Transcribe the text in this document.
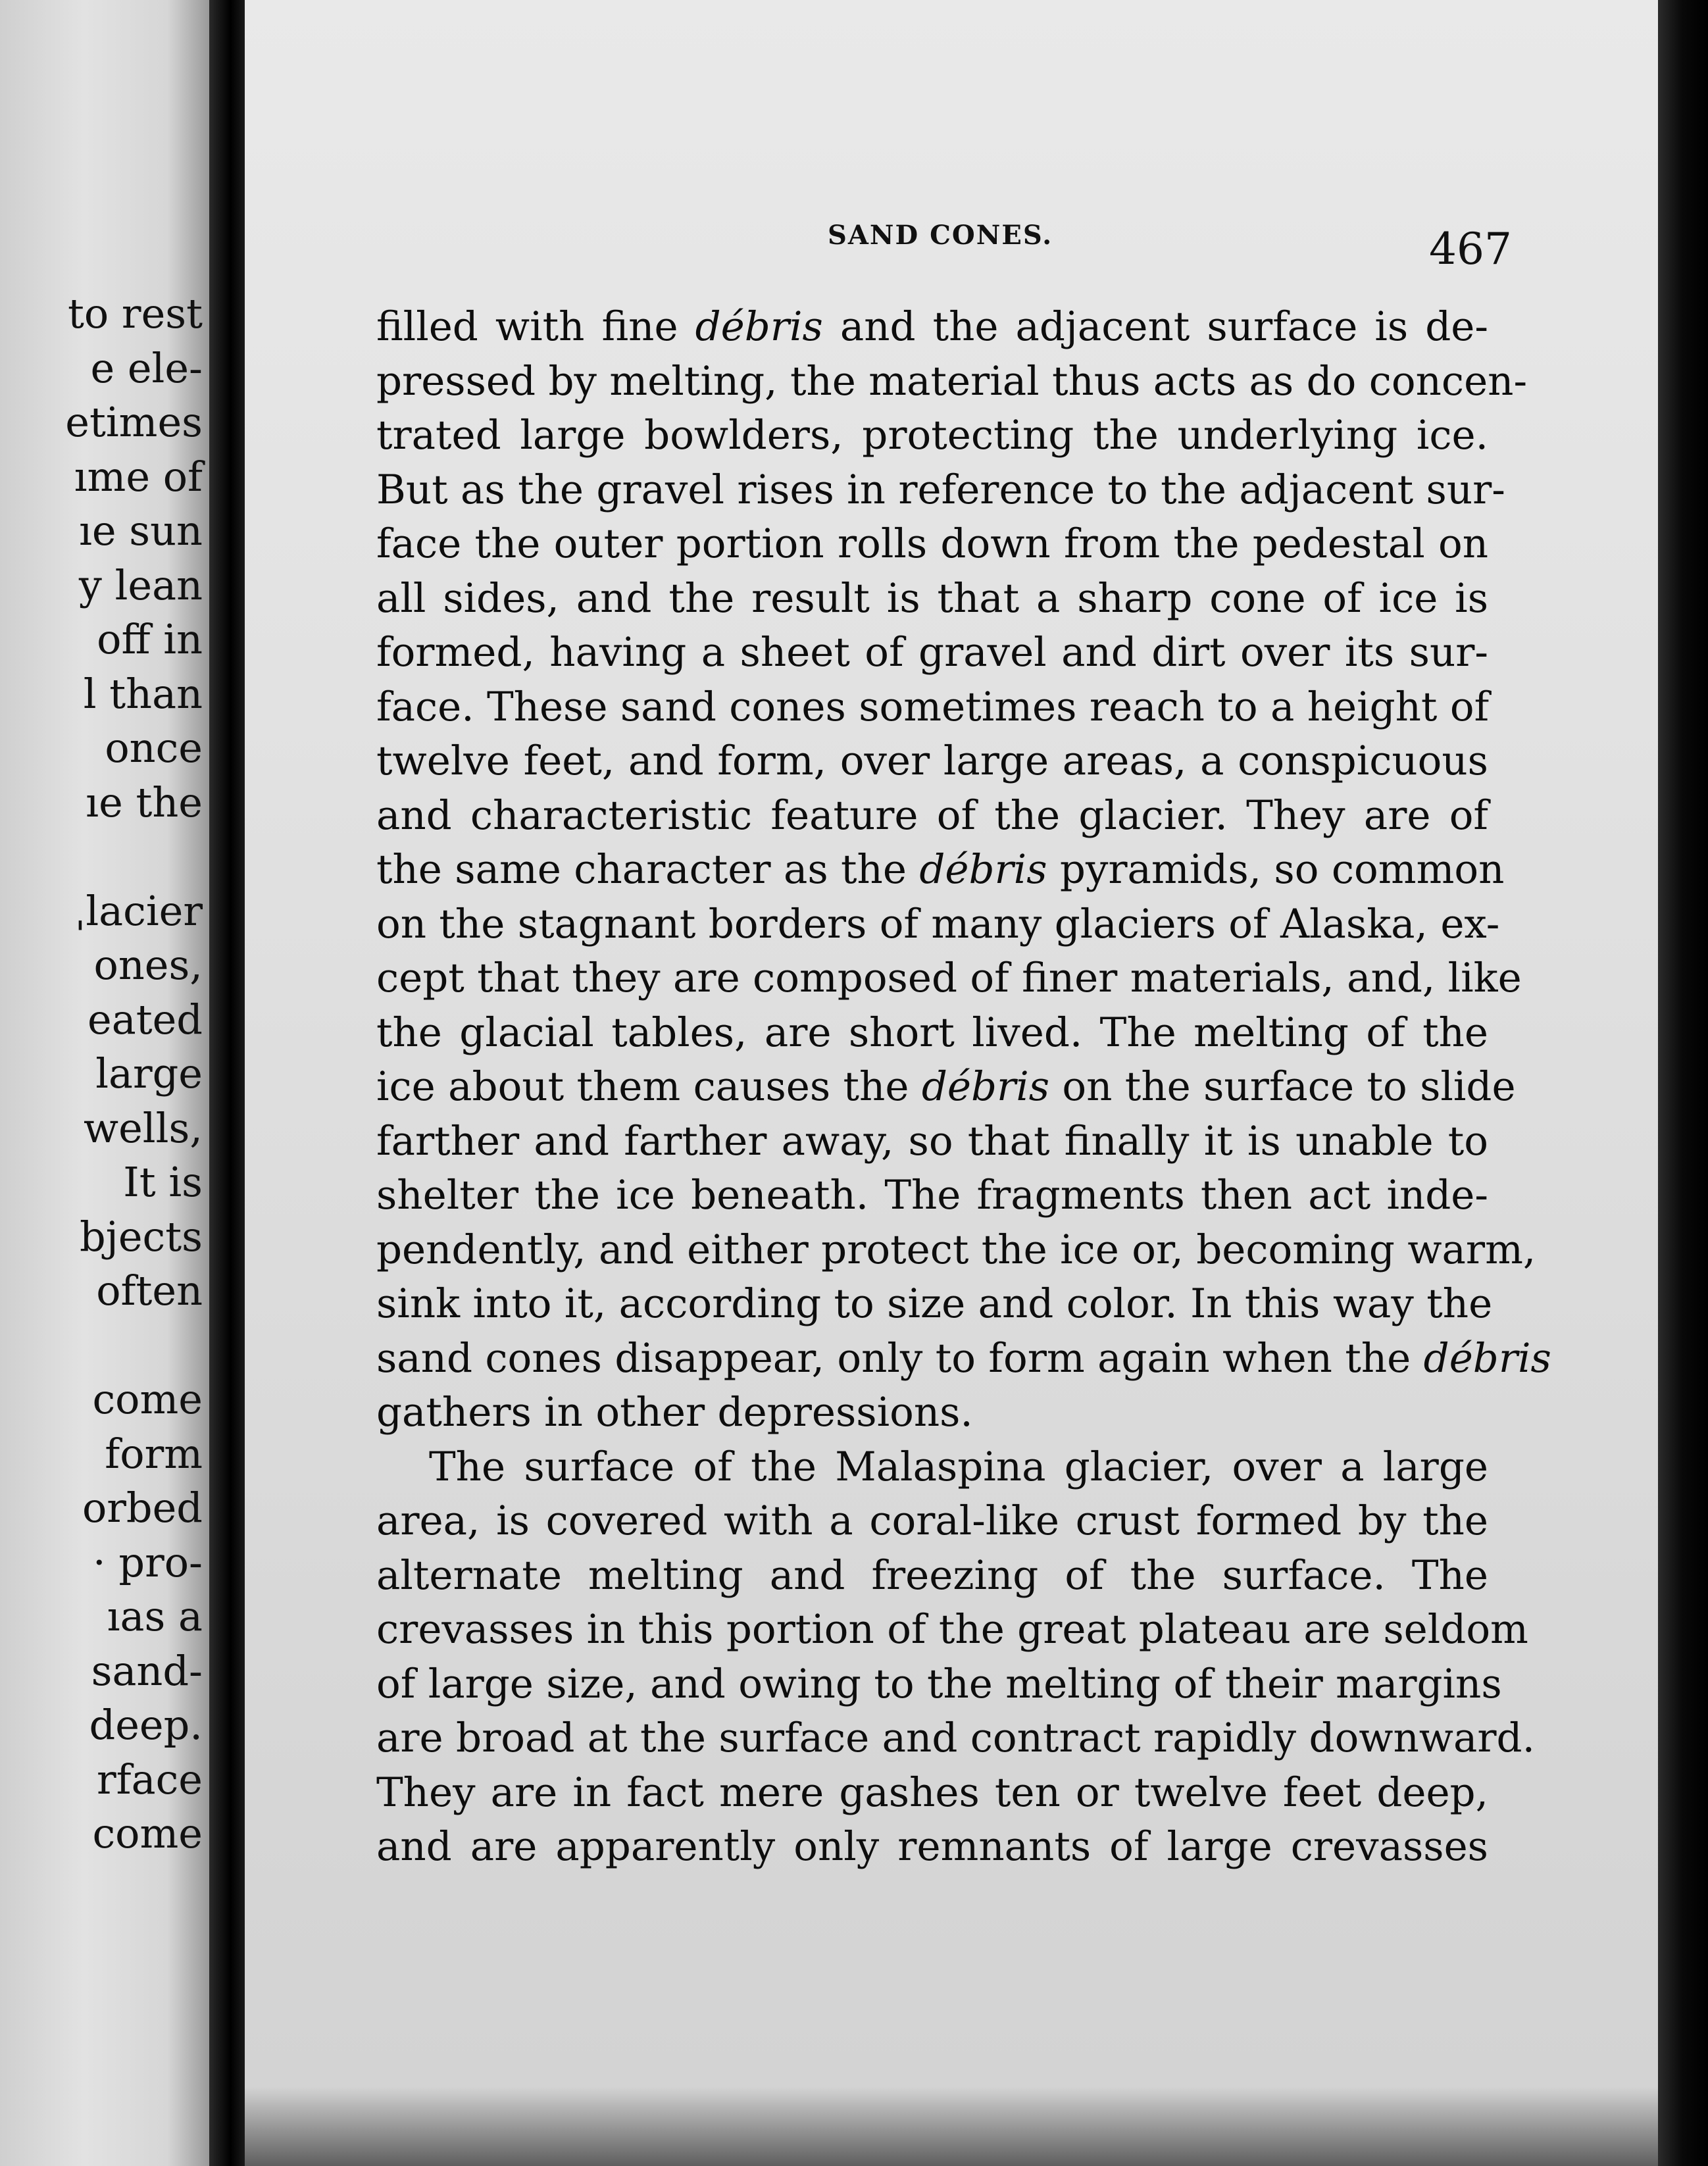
to rest
e ele-
etimes
ıme of
ıe sun
y lean
off in
l than
once
ıe the
ˌlacier
ones,
eated
large
wells,
It is
bjects
often
come
form
orbed
· pro-
ıas a
sand-
deep.
rface
come
SAND CONES.	467
filled with fine débris and the adjacent surface is de-
pressed by melting, the material thus acts as do concen-
trated large bowlders, protecting the underlying ice.
But as the gravel rises in reference to the adjacent sur-
face the outer portion rolls down from the pedestal on
all sides, and the result is that a sharp cone of ice is
formed, having a sheet of gravel and dirt over its sur-
face. These sand cones sometimes reach to a height of
twelve feet, and form, over large areas, a conspicuous
and characteristic feature of the glacier. They are of
the same character as the débris pyramids, so common
on the stagnant borders of many glaciers of Alaska, ex-
cept that they are composed of finer materials, and, like
the glacial tables, are short lived. The melting of the
ice about them causes the débris on the surface to slide
farther and farther away, so that finally it is unable to
shelter the ice beneath. The fragments then act inde-
pendently, and either protect the ice or, becoming warm,
sink into it, according to size and color. In this way the
sand cones disappear, only to form again when the débris
gathers in other depressions.
The surface of the Malaspina glacier, over a large
area, is covered with a coral-like crust formed by the
alternate melting and freezing of the surface. The
crevasses in this portion of the great plateau are seldom
of large size, and owing to the melting of their margins
are broad at the surface and contract rapidly downward.
They are in fact mere gashes ten or twelve feet deep,
and are apparently only remnants of large crevasses
